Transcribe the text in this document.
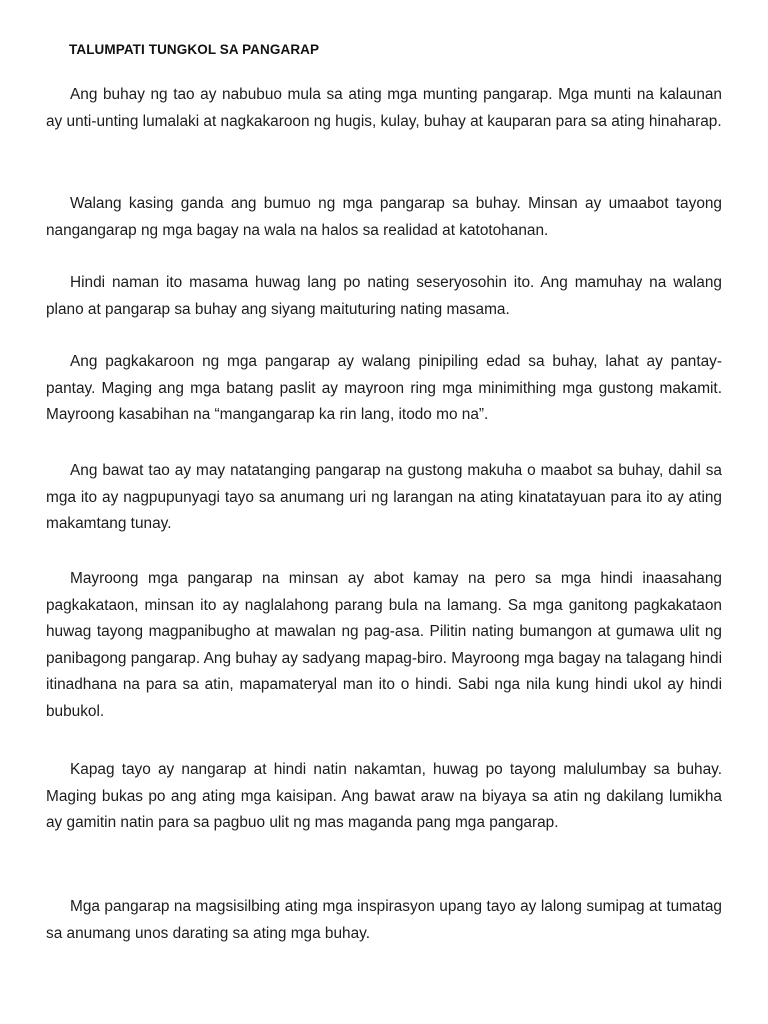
TALUMPATI TUNGKOL SA PANGARAP

Ang buhay ng tao ay nabubuo mula sa ating mga munting pangarap. Mga munti na kalaunan ay unti-unting lumalaki at nagkakaroon ng hugis, kulay, buhay at kauparan para sa ating hinaharap.

Walang kasing ganda ang bumuo ng mga pangarap sa buhay. Minsan ay umaabot tayong nangangarap ng mga bagay na wala na halos sa realidad at katotohanan.

Hindi naman ito masama huwag lang po nating seseryosohin ito. Ang mamuhay na walang plano at pangarap sa buhay ang siyang maituturing nating masama.

Ang pagkakaroon ng mga pangarap ay walang pinipiling edad sa buhay, lahat ay pantay-pantay. Maging ang mga batang paslit ay mayroon ring mga minimithing mga gustong makamit. Mayroong kasabihan na “mangangarap ka rin lang, itodo mo na”.

Ang bawat tao ay may natatanging pangarap na gustong makuha o maabot sa buhay, dahil sa mga ito ay nagpupunyagi tayo sa anumang uri ng larangan na ating kinatatayuan para ito ay ating makamtang tunay.

Mayroong mga pangarap na minsan ay abot kamay na pero sa mga hindi inaasahang pagkakataon, minsan ito ay naglalahong parang bula na lamang. Sa mga ganitong pagkakataon huwag tayong magpanibugho at mawalan ng pag-asa. Pilitin nating bumangon at gumawa ulit ng panibagong pangarap. Ang buhay ay sadyang mapag-biro. Mayroong mga bagay na talagang hindi itinadhana na para sa atin, mapamateryal man ito o hindi. Sabi nga nila kung hindi ukol ay hindi bubukol.

Kapag tayo ay nangarap at hindi natin nakamtan, huwag po tayong malulumbay sa buhay. Maging bukas po ang ating mga kaisipan. Ang bawat araw na biyaya sa atin ng dakilang lumikha ay gamitin natin para sa pagbuo ulit ng mas maganda pang mga pangarap.

Mga pangarap na magsisilbing ating mga inspirasyon upang tayo ay lalong sumipag at tumatag sa anumang unos darating sa ating mga buhay.
